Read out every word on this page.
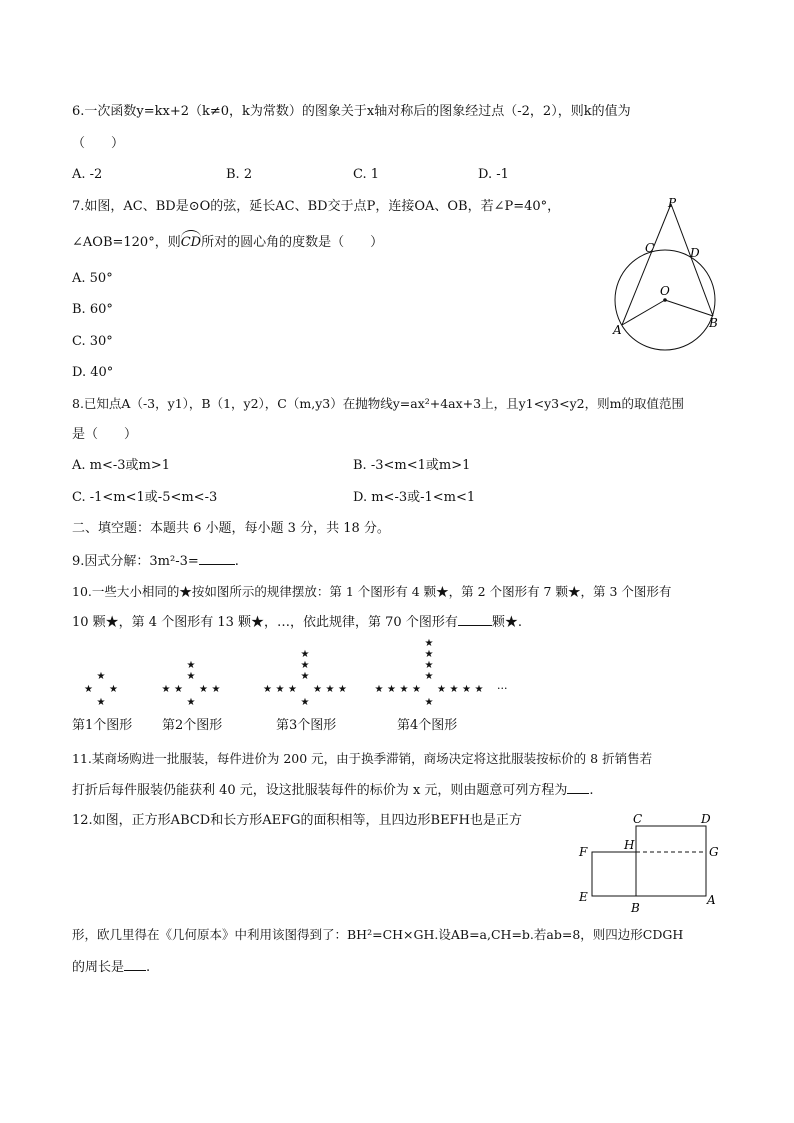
6.一次函数y=kx+2（k≠0，k为常数）的图象关于x轴对称后的图象经过点（-2，2），则k的值为
（　　）
A. -2	B. 2	C. 1	D. -1
7.如图，AC、BD是⊙O的弦，延长AC、BD交于点P，连接OA、OB，若∠P=40°，
∠AOB=120°，则CD所对的圆心角的度数是（　　）
A. 50°
B. 60°
C. 30°
D. 40°
P
C	D
O
A	B
8.已知点A（-3，y1），B（1，y2），C（m,y3）在抛物线y=ax²+4ax+3上，且y1<y3<y2，则m的取值范围
是（　　）
A. m<-3或m>1	B. -3<m<1或m>1
C. -1<m<1或-5<m<-3	D. m<-3或-1<m<1
二、填空题：本题共 6 小题，每小题 3 分，共 18 分。
9.因式分解：3m²-3=	.
10.一些大小相同的★按如图所示的规律摆放：第 1 个图形有 4 颗★，第 2 个图形有 7 颗★，第 3 个图形有
10 颗★，第 4 个图形有 13 颗★，…，依此规律，第 70 个图形有	颗★.
★ ★
★
★
★ ★
★	★
★
★
★
★ ★
★	★
★	★
★
★
★
★
★ ★
★	★
★	★
★	★
★
★
★
★
★
···
第1个图形 第2个图形	第3个图形	第4个图形
11.某商场购进一批服装，每件进价为 200 元，由于换季滞销，商场决定将这批服装按标价的 8 折销售若
打折后每件服装仍能获利 40 元，设这批服装每件的标价为 x 元，则由题意可列方程为 .
12.如图，正方形ABCD和长方形AEFG的面积相等，且四边形BEFH也是正方	C	D
F	H	G
E
B
A
形，欧几里得在《几何原本》中利用该图得到了：BH²=CH×GH.设AB=a,CH=b.若ab=8，则四边形CDGH
的周长是 .
